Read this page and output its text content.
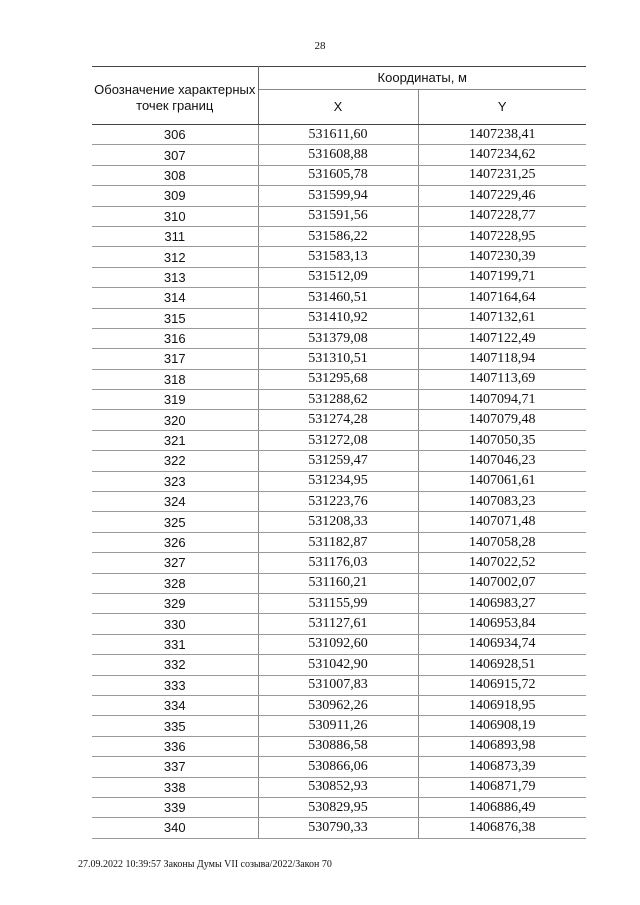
28
Обозначение характерных точек границ	Координаты, м	
	X	Y
306	531611,60	1407238,41
307	531608,88	1407234,62
308	531605,78	1407231,25
309	531599,94	1407229,46
310	531591,56	1407228,77
311	531586,22	1407228,95
312	531583,13	1407230,39
313	531512,09	1407199,71
314	531460,51	1407164,64
315	531410,92	1407132,61
316	531379,08	1407122,49
317	531310,51	1407118,94
318	531295,68	1407113,69
319	531288,62	1407094,71
320	531274,28	1407079,48
321	531272,08	1407050,35
322	531259,47	1407046,23
323	531234,95	1407061,61
324	531223,76	1407083,23
325	531208,33	1407071,48
326	531182,87	1407058,28
327	531176,03	1407022,52
328	531160,21	1407002,07
329	531155,99	1406983,27
330	531127,61	1406953,84
331	531092,60	1406934,74
332	531042,90	1406928,51
333	531007,83	1406915,72
334	530962,26	1406918,95
335	530911,26	1406908,19
336	530886,58	1406893,98
337	530866,06	1406873,39
338	530852,93	1406871,79
339	530829,95	1406886,49
340	530790,33	1406876,38
27.09.2022 10:39:57 Законы Думы VII созыва/2022/Закон 70
